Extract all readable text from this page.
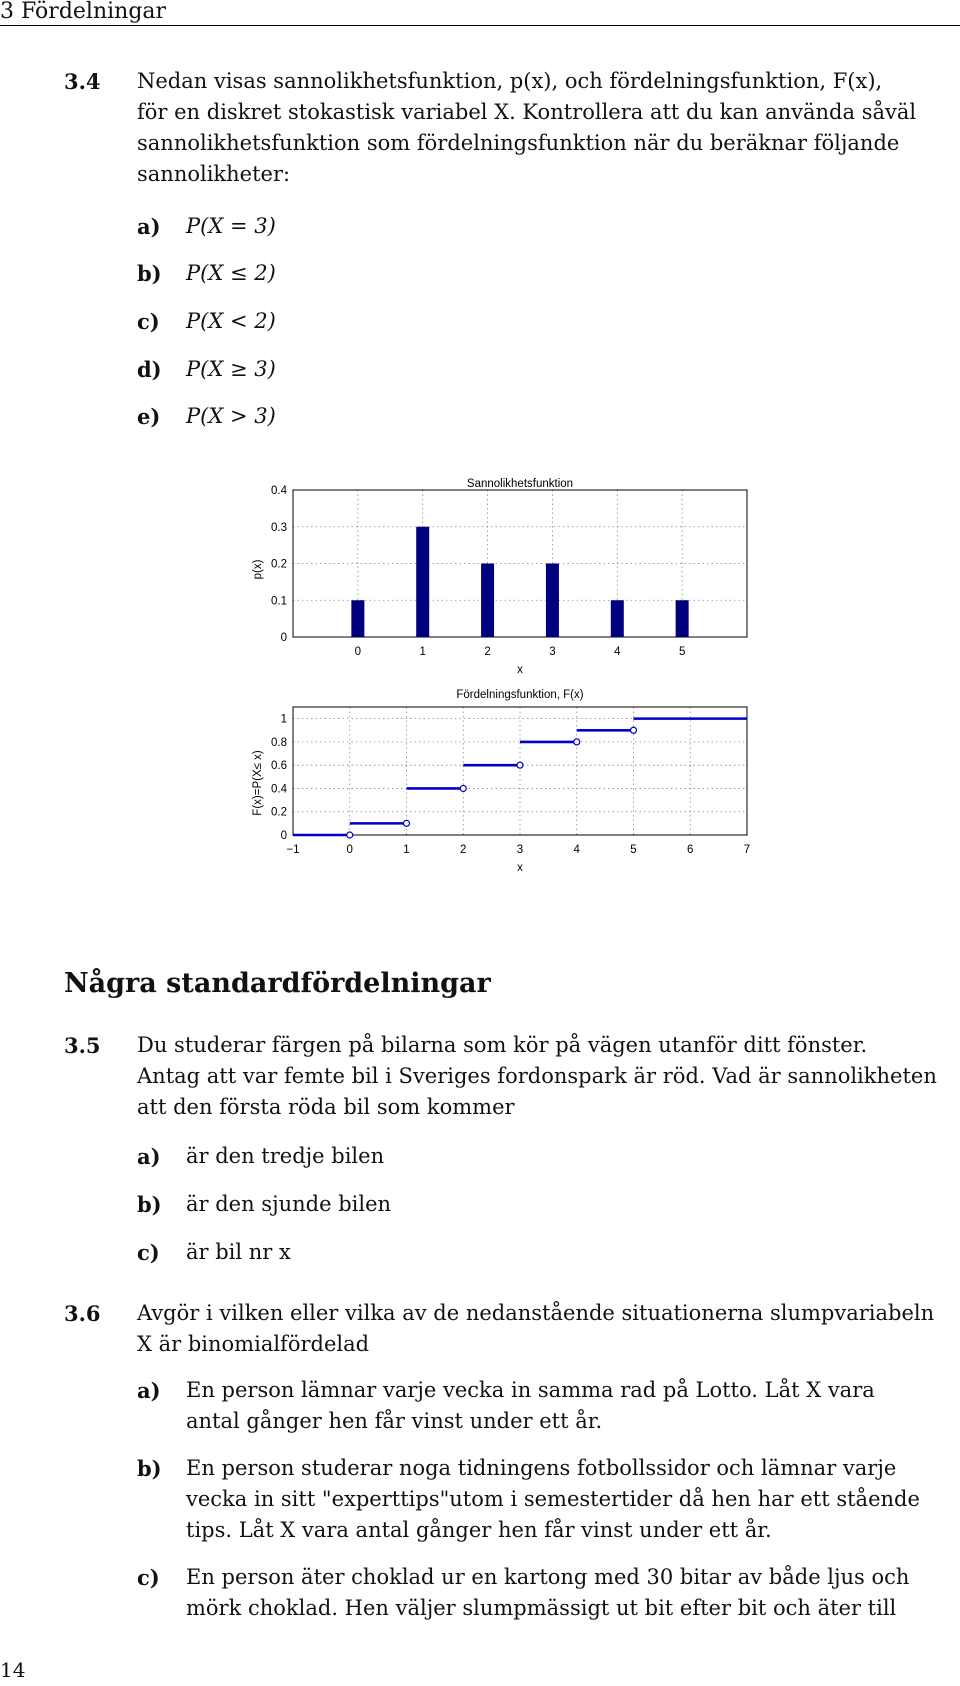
3 Fördelningar
3.4 Nedan visas sannolikhetsfunktion, p(x), och fördelningsfunktion, F(x),
för en diskret stokastisk variabel X. Kontrollera att du kan använda såväl
sannolikhetsfunktion som fördelningsfunktion när du beräknar följande
sannolikheter:
a) P(X = 3)
b) P(X ≤ 2)
c) P(X < 2)
d) P(X ≥ 3)
e) P(X > 3)
0
0.1
0.2
0.3
0.4
0	1	2	3	4	5
x
Sannolikhetsfunktion
p(x)
0
0.2
0.4
0.6
0.8
1
−1	0	1	2	3	4	5	6	7
x
Fördelningsfunktion, F(x)
F(x)=P(X≤ x)
Några standardfördelningar
3.5 Du studerar färgen på bilarna som kör på vägen utanför ditt fönster.
Antag att var femte bil i Sveriges fordonspark är röd. Vad är sannolikheten
att den första röda bil som kommer
a) är den tredje bilen
b) är den sjunde bilen
c) är bil nr x
3.6 Avgör i vilken eller vilka av de nedanstående situationerna slumpvariabeln
X är binomialfördelad
a) En person lämnar varje vecka in samma rad på Lotto. Låt X vara
antal gånger hen får vinst under ett år.
b) En person studerar noga tidningens fotbollssidor och lämnar varje
vecka in sitt "experttips"utom i semestertider då hen har ett stående
tips. Låt X vara antal gånger hen får vinst under ett år.
c) En person äter choklad ur en kartong med 30 bitar av både ljus och
mörk choklad. Hen väljer slumpmässigt ut bit efter bit och äter till
14
